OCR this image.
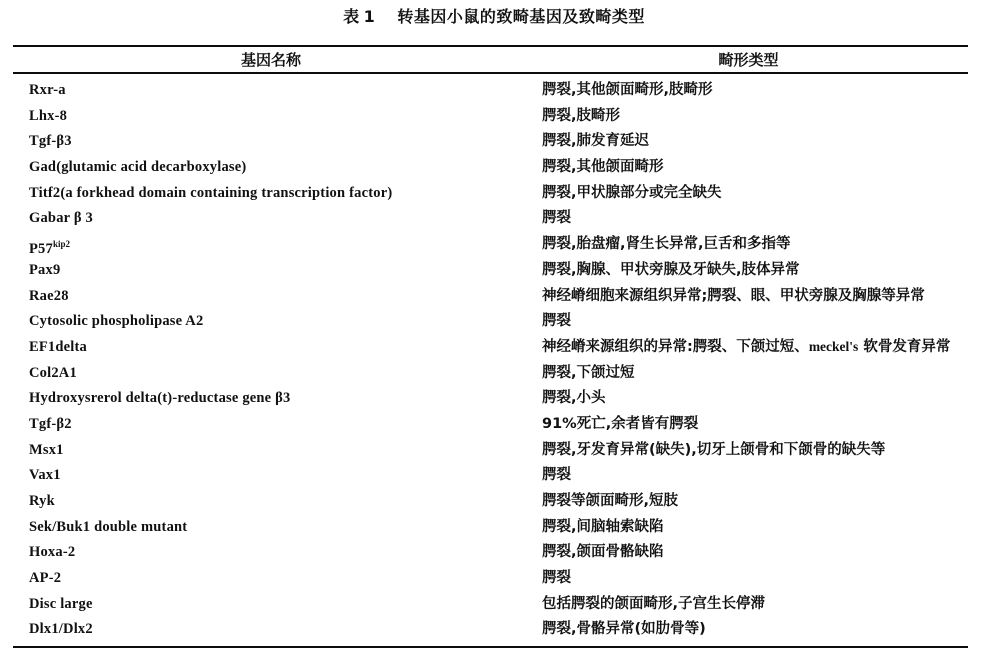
表 1 转基因小鼠的致畸基因及致畸类型
基因名称	畸形类型
Rxr-a	腭裂,其他颌面畸形,肢畸形
Lhx-8	腭裂,肢畸形
Tgf-β3	腭裂,肺发育延迟
Gad(glutamic acid decarboxylase)	腭裂,其他颌面畸形
Titf2(a forkhead domain containing transcription factor)	腭裂,甲状腺部分或完全缺失
Gabar β 3	腭裂
$P57^{kip2}$	腭裂,胎盘瘤,肾生长异常,巨舌和多指等
Pax9	腭裂,胸腺、甲状旁腺及牙缺失,肢体异常
Rae28	神经嵴细胞来源组织异常;腭裂、眼、甲状旁腺及胸腺等异常
Cytosolic phospholipase A2	腭裂
EF1delta	神经嵴来源组织的异常:腭裂、下颌过短、meckel's 软骨发育异常
Col2A1	腭裂,下颌过短
Hydroxysrerol delta(t)-reductase gene β3	腭裂,小头
Tgf-β2	91%死亡,余者皆有腭裂
Msx1	腭裂,牙发育异常(缺失),切牙上颌骨和下颌骨的缺失等
Vax1	腭裂
Ryk	腭裂等颌面畸形,短肢
Sek/Buk1 double mutant	腭裂,间脑轴索缺陷
Hoxa-2	腭裂,颌面骨骼缺陷
AP-2	腭裂
Disc large	包括腭裂的颌面畸形,子宫生长停滞
Dlx1/Dlx2	腭裂,骨骼异常(如肋骨等)
